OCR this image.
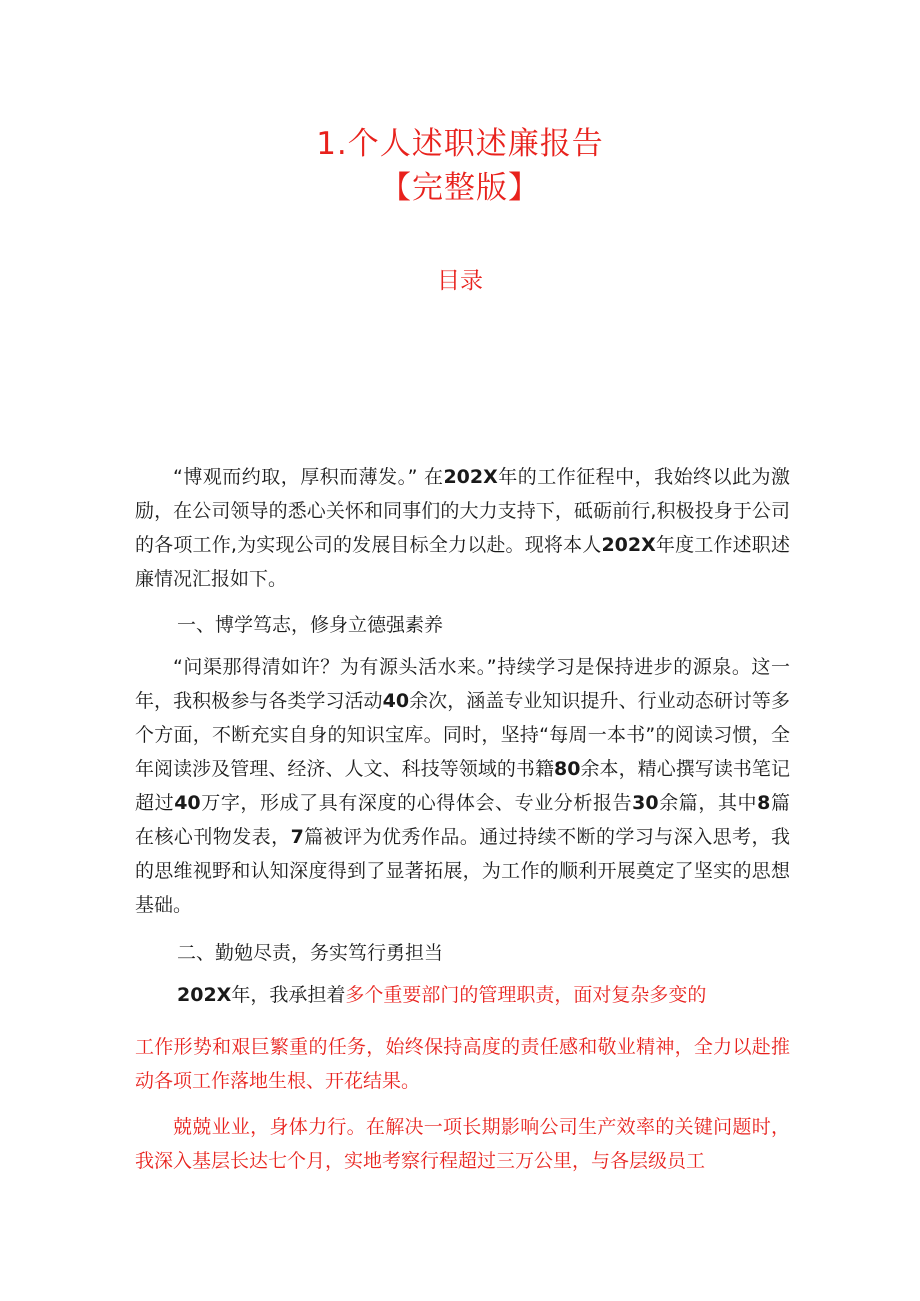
1.个人述职述廉报告
【完整版】
目录

“博观而约取，厚积而薄发。” 在202X年的工作征程中，我始终以此为激励，在公司领导的悉心关怀和同事们的大力支持下，砥砺前行,积极投身于公司的各项工作,为实现公司的发展目标全力以赴。现将本人202X年度工作述职述廉情况汇报如下。

一、博学笃志，修身立德强素养

“问渠那得清如许？为有源头活水来。”持续学习是保持进步的源泉。这一年，我积极参与各类学习活动40余次，涵盖专业知识提升、行业动态研讨等多个方面，不断充实自身的知识宝库。同时，坚持“每周一本书”的阅读习惯，全年阅读涉及管理、经济、人文、科技等领域的书籍80余本，精心撰写读书笔记超过40万字，形成了具有深度的心得体会、专业分析报告30余篇，其中8篇在核心刊物发表，7篇被评为优秀作品。通过持续不断的学习与深入思考，我的思维视野和认知深度得到了显著拓展，为工作的顺利开展奠定了坚实的思想基础。

二、勤勉尽责，务实笃行勇担当

202X年，我承担着多个重要部门的管理职责，面对复杂多变的

工作形势和艰巨繁重的任务，始终保持高度的责任感和敬业精神，全力以赴推动各项工作落地生根、开花结果。

兢兢业业，身体力行。在解决一项长期影响公司生产效率的关键问题时，我深入基层长达七个月，实地考察行程超过三万公里，与各层级员工
